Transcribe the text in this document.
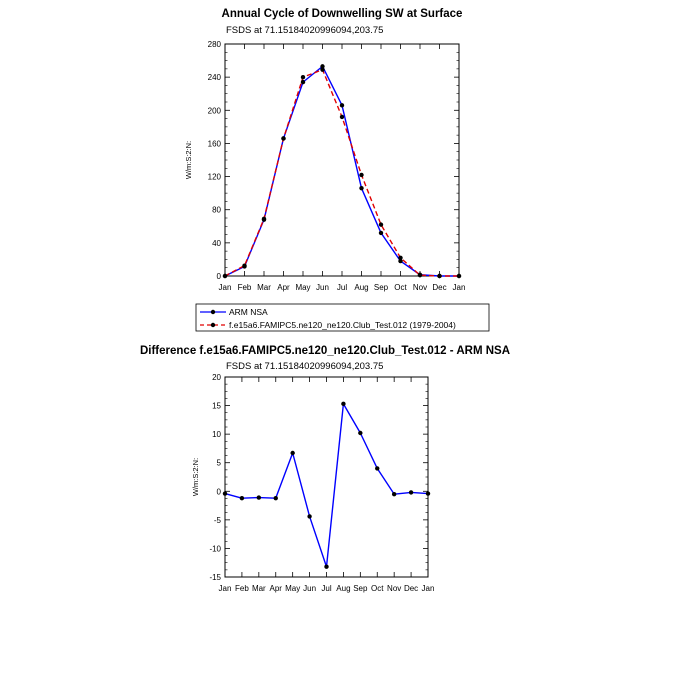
Annual Cycle of Downwelling SW at Surface
FSDS at 71.15184020996094,203.75
W/m:S:2:N:
Jan Feb Mar Apr May Jun Jul Aug Sep Oct Nov Dec Jan
0
40
80
120
160
200
240
280
ARM NSA
f.e15a6.FAMIPC5.ne120_ne120.Club_Test.012 (1979-2004)
Difference f.e15a6.FAMIPC5.ne120_ne120.Club_Test.012 - ARM NSA
FSDS at 71.15184020996094,203.75
W/m:S:2:N:
Jan Feb Mar Apr May Jun Jul Aug Sep Oct Nov Dec Jan
-15
-10
-5
0
5
10
15
20
